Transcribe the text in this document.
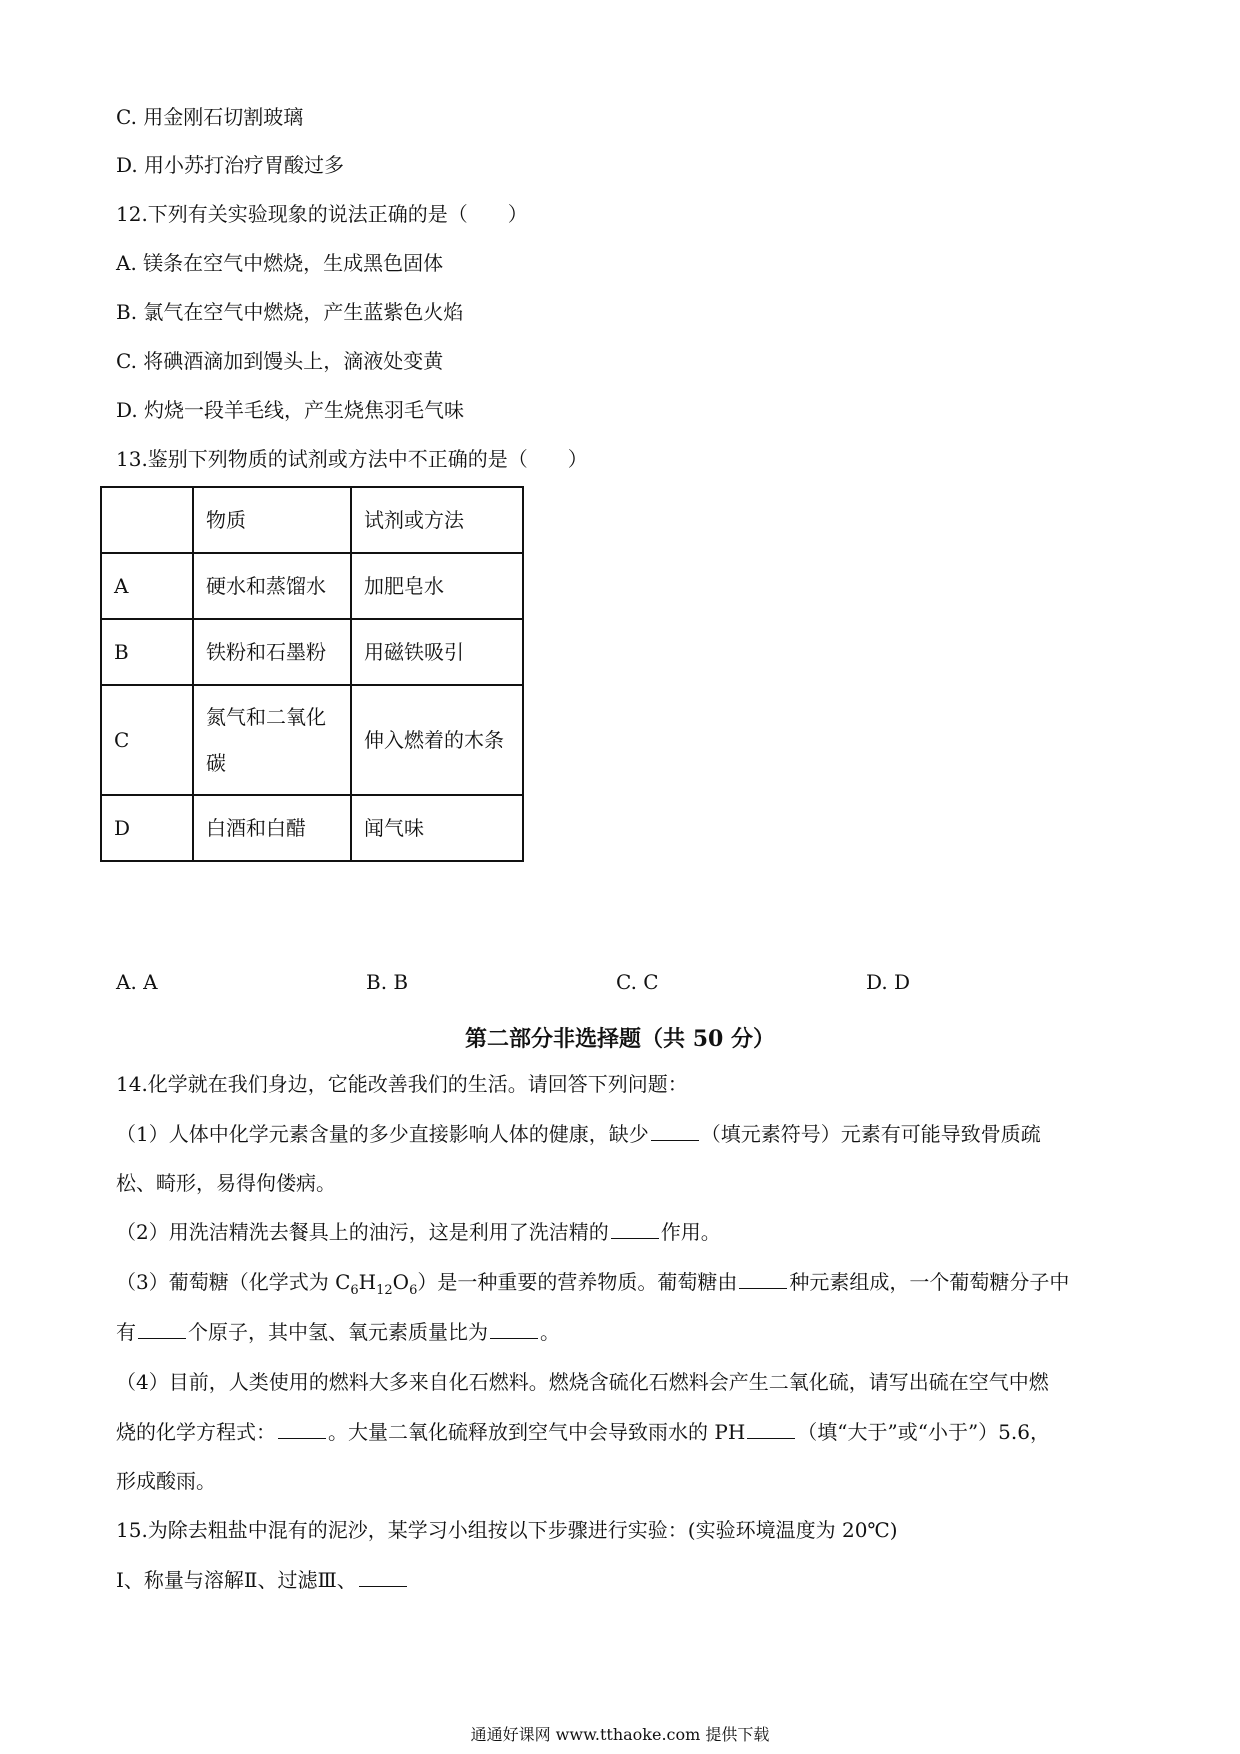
C. 用金刚石切割玻璃
D. 用小苏打治疗胃酸过多
12.下列有关实验现象的说法正确的是（　　）
A. 镁条在空气中燃烧，生成黑色固体
B. 氯气在空气中燃烧，产生蓝紫色火焰
C. 将碘酒滴加到馒头上，滴液处变黄
D. 灼烧一段羊毛线，产生烧焦羽毛气味
13.鉴别下列物质的试剂或方法中不正确的是（　　）
	物质	试剂或方法
A	硬水和蒸馏水	加肥皂水
B	铁粉和石墨粉	用磁铁吸引
C	氮气和二氧化碳	伸入燃着的木条
D	白酒和白醋	闻气味
A. A	B. B	C. C	D. D
第二部分非选择题（共 50 分）
14.化学就在我们身边，它能改善我们的生活。请回答下列问题：
（1）人体中化学元素含量的多少直接影响人体的健康，缺少	（填元素符号）元素有可能导致骨质疏
松、畸形，易得佝偻病。
（2）用洗洁精洗去餐具上的油污，这是利用了洗洁精的	作用。
（3）葡萄糖（化学式为 $C_6H_{12}O_6$）是一种重要的营养物质。葡萄糖由	种元素组成，一个葡萄糖分子中
有	个原子，其中氢、氧元素质量比为	。
（4）目前，人类使用的燃料大多来自化石燃料。燃烧含硫化石燃料会产生二氧化硫，请写出硫在空气中燃
烧的化学方程式：	。大量二氧化硫释放到空气中会导致雨水的 PH	（填“大于”或“小于”）5.6，
形成酸雨。
15.为除去粗盐中混有的泥沙，某学习小组按以下步骤进行实验：(实验环境温度为 20℃)
Ⅰ、称量与溶解Ⅱ、过滤Ⅲ、
通通好课网 www.tthaoke.com 提供下载
